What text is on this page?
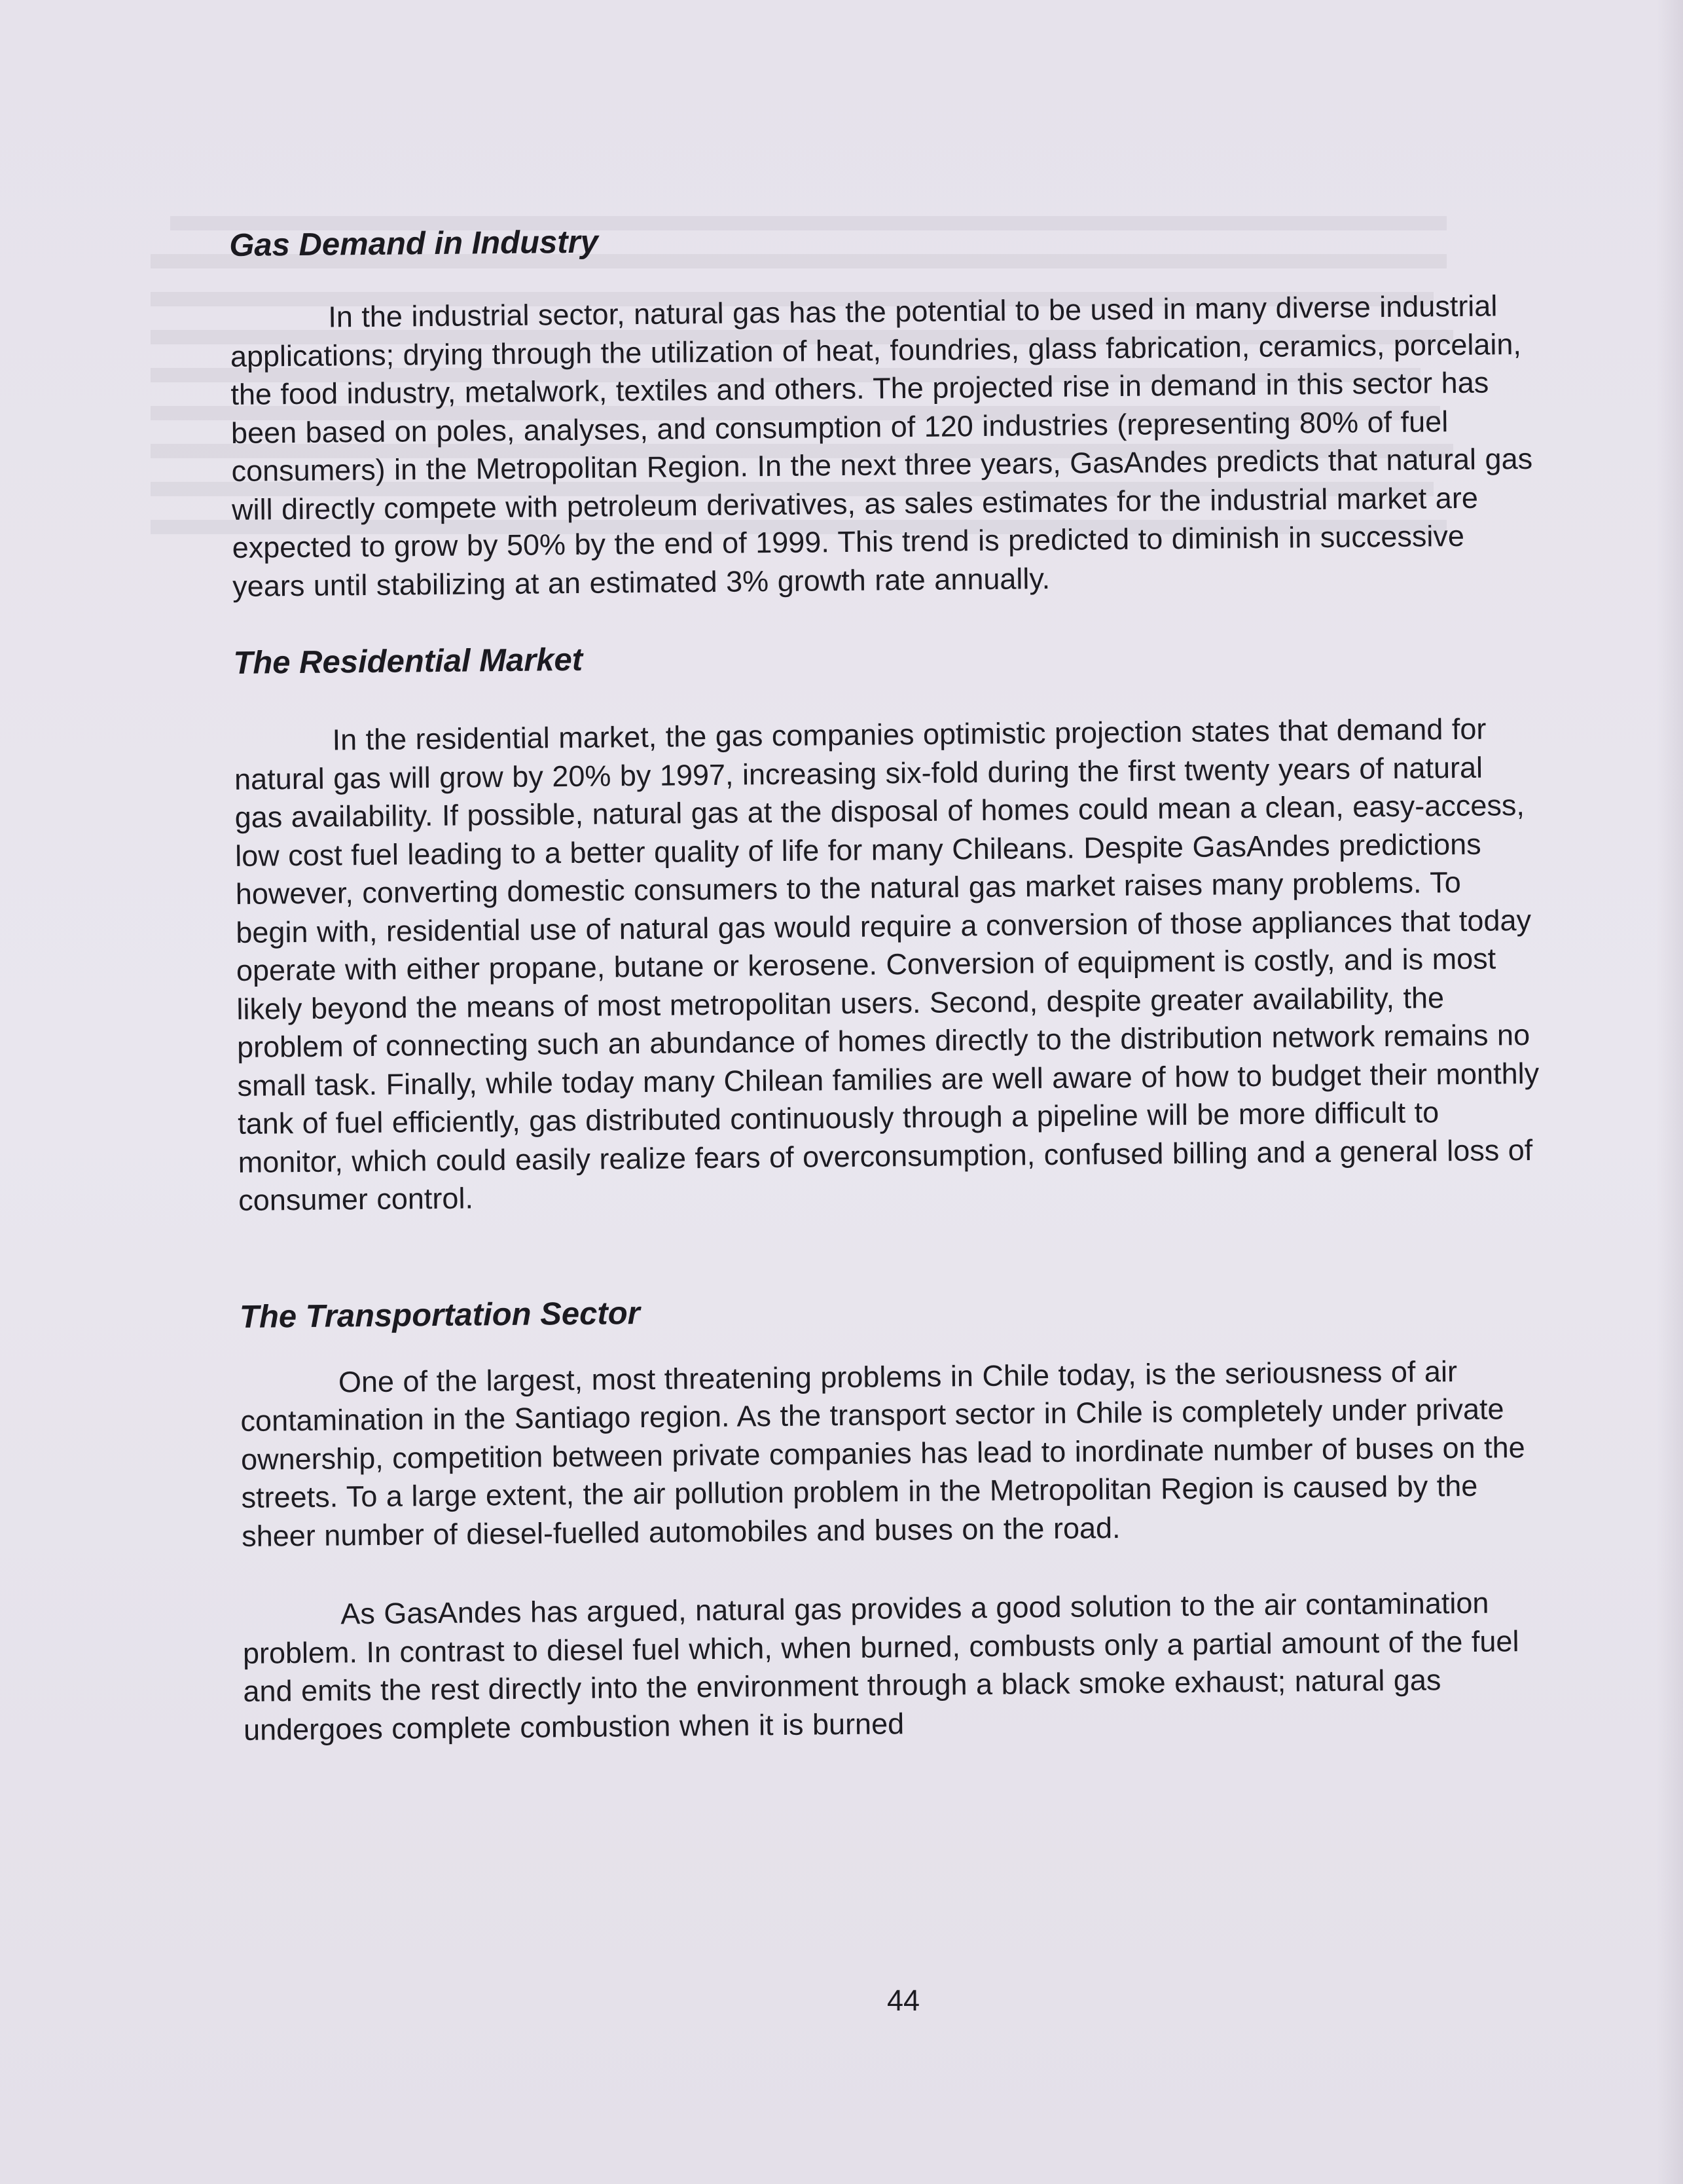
Gas Demand in Industry

In the industrial sector, natural gas has the potential to be used in many diverse industrial applications; drying through the utilization of heat, foundries, glass fabrication, ceramics, porcelain, the food industry, metalwork, textiles and others. The projected rise in demand in this sector has been based on poles, analyses, and consumption of 120 industries (representing 80% of fuel consumers) in the Metropolitan Region. In the next three years, GasAndes predicts that natural gas will directly compete with petroleum derivatives, as sales estimates for the industrial market are expected to grow by 50% by the end of 1999. This trend is predicted to diminish in successive years until stabilizing at an estimated 3% growth rate annually.

The Residential Market

In the residential market, the gas companies optimistic projection states that demand for natural gas will grow by 20% by 1997, increasing six-fold during the first twenty years of natural gas availability. If possible, natural gas at the disposal of homes could mean a clean, easy-access, low cost fuel leading to a better quality of life for many Chileans. Despite GasAndes predictions however, converting domestic consumers to the natural gas market raises many problems. To begin with, residential use of natural gas would require a conversion of those appliances that today operate with either propane, butane or kerosene. Conversion of equipment is costly, and is most likely beyond the means of most metropolitan users. Second, despite greater availability, the problem of connecting such an abundance of homes directly to the distribution network remains no small task. Finally, while today many Chilean families are well aware of how to budget their monthly tank of fuel efficiently, gas distributed continuously through a pipeline will be more difficult to monitor, which could easily realize fears of overconsumption, confused billing and a general loss of consumer control.

The Transportation Sector

One of the largest, most threatening problems in Chile today, is the seriousness of air contamination in the Santiago region. As the transport sector in Chile is completely under private ownership, competition between private companies has lead to inordinate number of buses on the streets. To a large extent, the air pollution problem in the Metropolitan Region is caused by the sheer number of diesel-fuelled automobiles and buses on the road.

As GasAndes has argued, natural gas provides a good solution to the air contamination problem. In contrast to diesel fuel which, when burned, combusts only a partial amount of the fuel and emits the rest directly into the environment through a black smoke exhaust; natural gas undergoes complete combustion when it is burned

44
